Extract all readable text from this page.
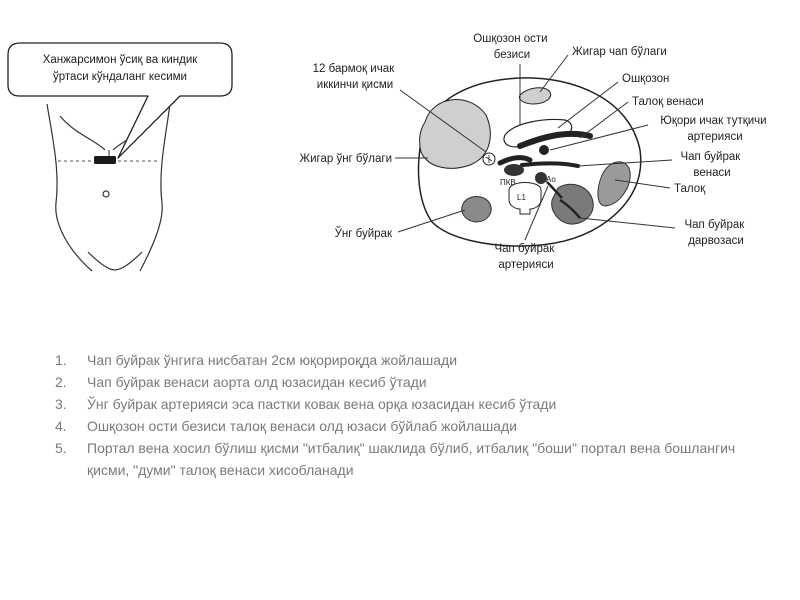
Ханжарсимон ўсиқ ва киндик
ўртаси кўндаланг кесими
ПКВ	Ao
L1
Ошқозон ости безиси	Жигар чап бўлаги
12 бармоқ ичак иккинчи қисми	Ошқозон
Талоқ венаси
Юқори ичак тутқичи артерияси
Жигар ўнг бўлаги	Чап буйрак венаси
Талоқ
Ўнг буйрак
Чап буйрак артерияси
Чап буйрак дарвозаси
1.	Чап буйрак ўнгига нисбатан 2см юқорироқда жойлашади
2.	Чап буйрак венаси аорта олд юзасидан кесиб ўтади
3.	Ўнг буйрак артерияси эса пастки ковак вена орқа юзасидан кесиб ўтади
4.	Ошқозон ости безиси талоқ венаси олд юзаси бўйлаб жойлашади
5.	Портал вена хосил бўлиш қисми "итбалиқ" шаклида бўлиб, итбалиқ "боши" портал вена бошлангич қисми, "думи" талоқ венаси хисобланади
